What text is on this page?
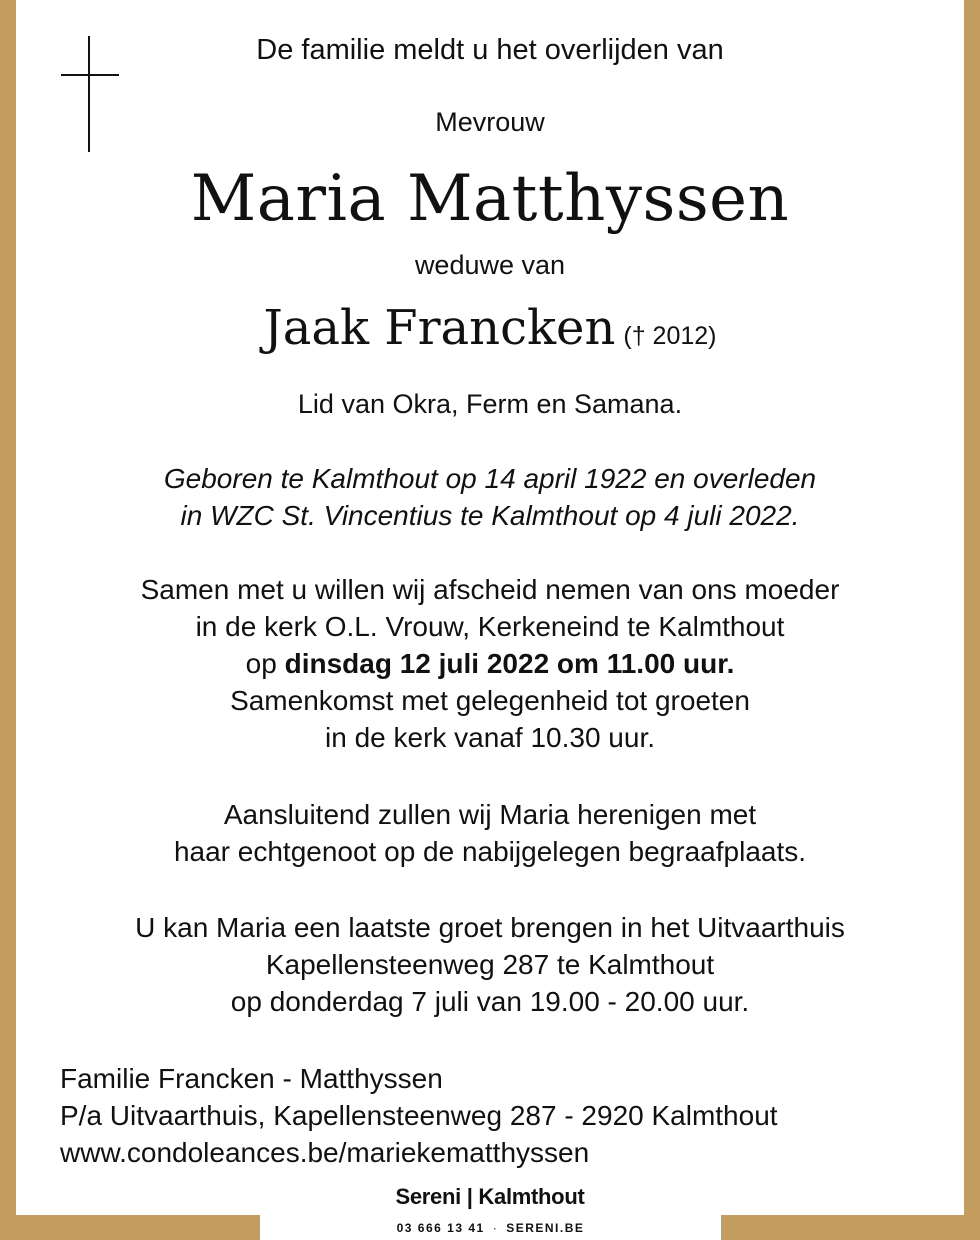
De familie meldt u het overlijden van
Mevrouw
Maria Matthyssen
weduwe van
Jaak Francken († 2012)
Lid van Okra, Ferm en Samana.
Geboren te Kalmthout op 14 april 1922 en overleden
in WZC St. Vincentius te Kalmthout op 4 juli 2022.
Samen met u willen wij afscheid nemen van ons moeder
in de kerk O.L. Vrouw, Kerkeneind te Kalmthout
op dinsdag 12 juli 2022 om 11.00 uur.
Samenkomst met gelegenheid tot groeten
in de kerk vanaf 10.30 uur.
Aansluitend zullen wij Maria herenigen met
haar echtgenoot op de nabijgelegen begraafplaats.
U kan Maria een laatste groet brengen in het Uitvaarthuis
Kapellensteenweg 287 te Kalmthout
op donderdag 7 juli van 19.00 - 20.00 uur.
Familie Francken - Matthyssen
P/a Uitvaarthuis, Kapellensteenweg 287 - 2920 Kalmthout
www.condoleances.be/mariekematthyssen
Sereni | Kalmthout
03 666 13 41 · SERENI.BE
